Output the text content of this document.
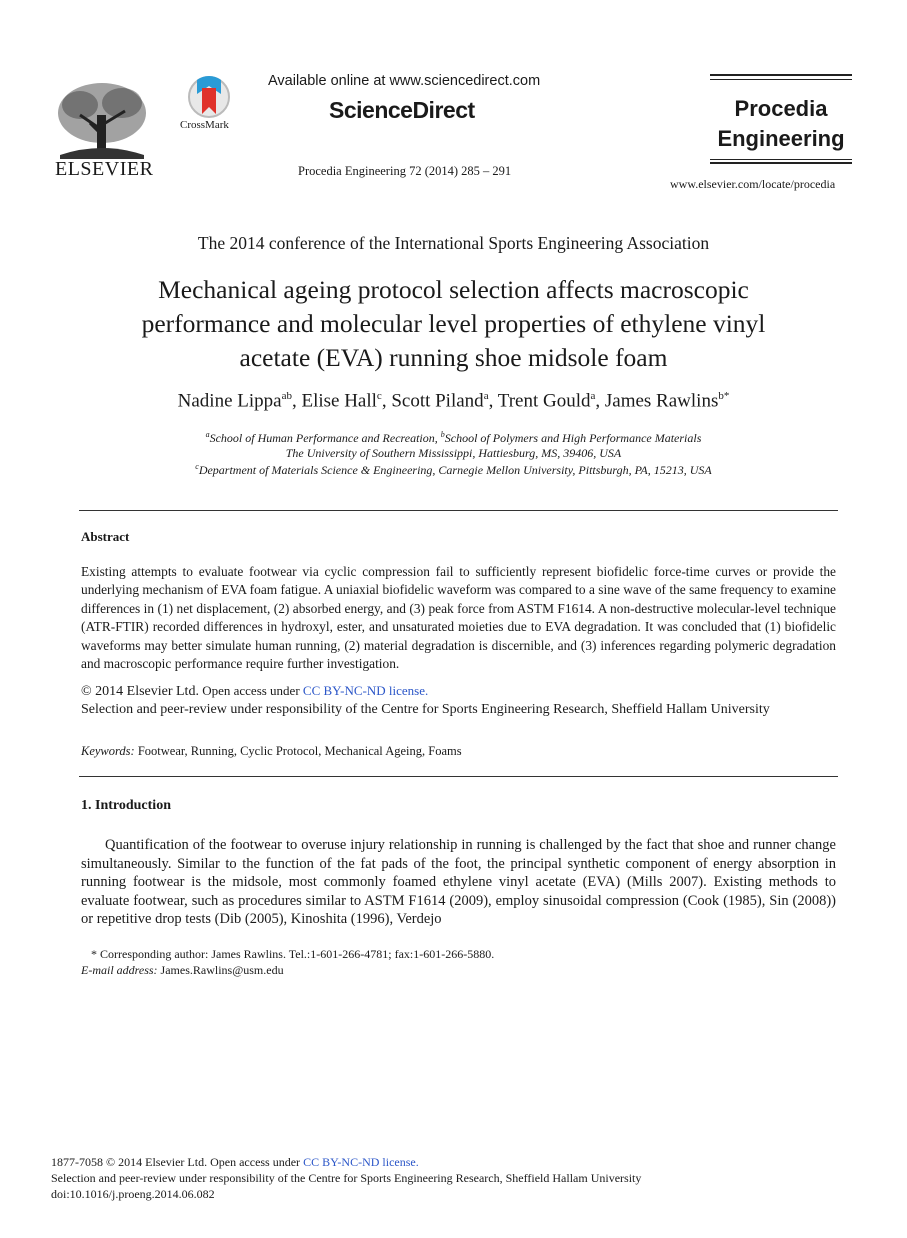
ELSEVIER
CrossMark
Available online at www.sciencedirect.com
ScienceDirect
Procedia Engineering 72 (2014) 285 – 291
Procedia
Engineering
www.elsevier.com/locate/procedia
The 2014 conference of the International Sports Engineering Association
Mechanical ageing protocol selection affects macroscopic
performance and molecular level properties of ethylene vinyl
acetate (EVA) running shoe midsole foam
Nadine Lippa$^{ab}$, Elise Hall$^c$, Scott Piland$^a$, Trent Gould$^a$, James Rawlins$^{b*}$
$^a$School of Human Performance and Recreation, $^b$School of Polymers and High Performance Materials
The University of Southern Mississippi, Hattiesburg, MS, 39406, USA
$^c$Department of Materials Science & Engineering, Carnegie Mellon University, Pittsburgh, PA, 15213, USA
Abstract
Existing attempts to evaluate footwear via cyclic compression fail to sufficiently represent biofidelic force-time curves or provide the underlying mechanism of EVA foam fatigue. A uniaxial biofidelic waveform was compared to a sine wave of the same frequency to examine differences in (1) net displacement, (2) absorbed energy, and (3) peak force from ASTM F1614. A non-destructive molecular-level technique (ATR-FTIR) recorded differences in hydroxyl, ester, and unsaturated moieties due to EVA degradation. It was concluded that (1) biofidelic waveforms may better simulate human running, (2) material degradation is discernible, and (3) inferences regarding polymeric degradation and macroscopic performance require further investigation.
© 2014 Elsevier Ltd. Open access under CC BY-NC-ND license.
Selection and peer-review under responsibility of the Centre for Sports Engineering Research, Sheffield Hallam University
Keywords: Footwear, Running, Cyclic Protocol, Mechanical Ageing, Foams
1. Introduction
Quantification of the footwear to overuse injury relationship in running is challenged by the fact that shoe and runner change simultaneously. Similar to the function of the fat pads of the foot, the principal synthetic component of energy absorption in running footwear is the midsole, most commonly foamed ethylene vinyl acetate (EVA) (Mills 2007). Existing methods to evaluate footwear, such as procedures similar to ASTM F1614 (2009), employ sinusoidal compression (Cook (1985), Sin (2008)) or repetitive drop tests (Dib (2005), Kinoshita (1996), Verdejo
* Corresponding author: James Rawlins. Tel.:1-601-266-4781; fax:1-601-266-5880.
E-mail address: James.Rawlins@usm.edu
1877-7058 © 2014 Elsevier Ltd. Open access under CC BY-NC-ND license.
Selection and peer-review under responsibility of the Centre for Sports Engineering Research, Sheffield Hallam University
doi:10.1016/j.proeng.2014.06.082
